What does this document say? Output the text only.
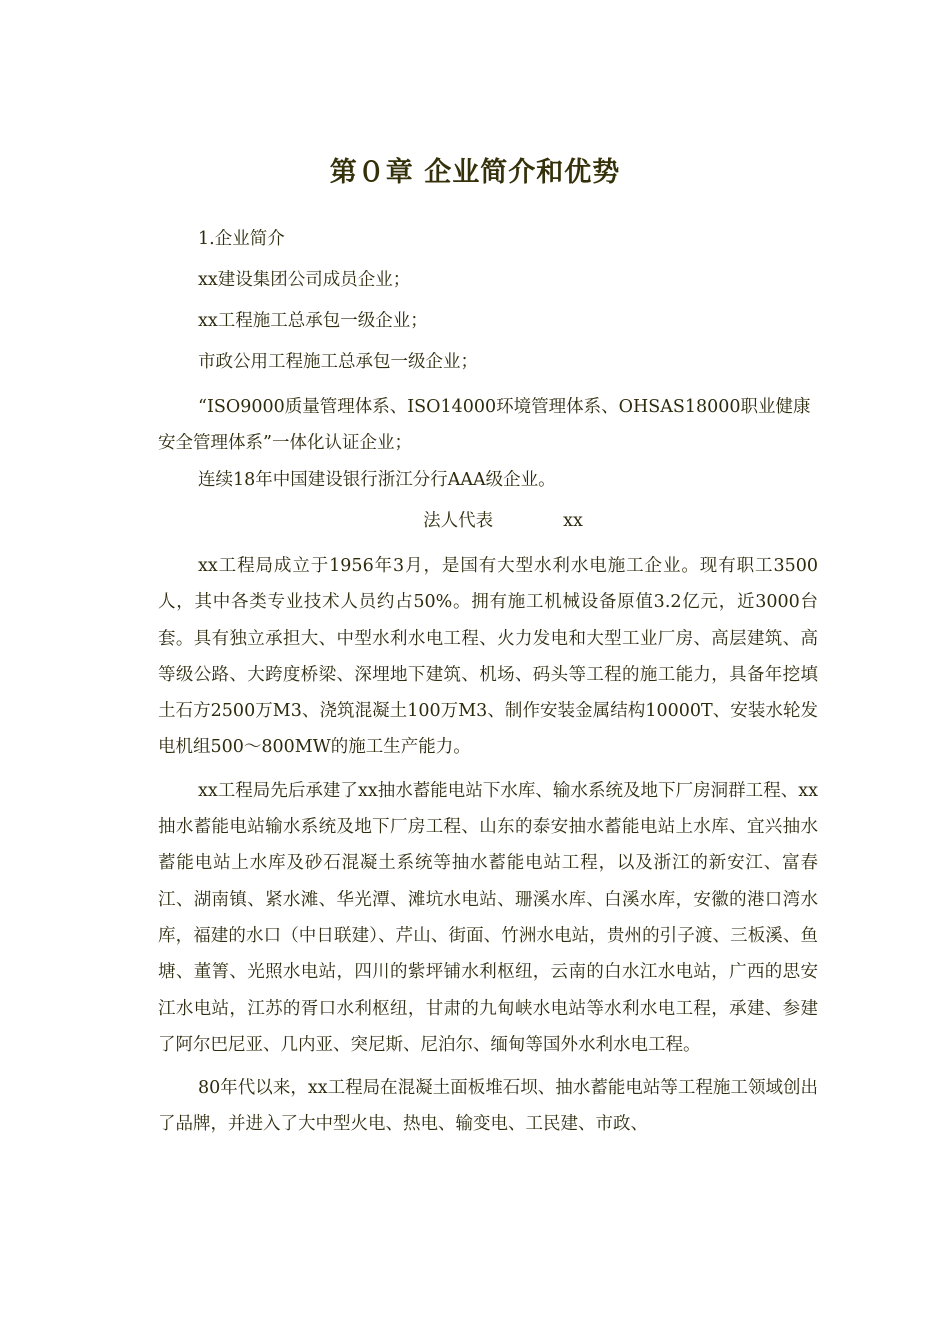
第０章 企业简介和优势

1.企业简介

xx建设集团公司成员企业；

xx工程施工总承包一级企业；

市政公用工程施工总承包一级企业；

“ISO9000质量管理体系、ISO14000环境管理体系、OHSAS18000职业健康安全管理体系”一体化认证企业；

连续18年中国建设银行浙江分行AAA级企业。

法人代表	xx

xx工程局成立于1956年3月，是国有大型水利水电施工企业。现有职工3500人，其中各类专业技术人员约占50%。拥有施工机械设备原值3.2亿元，近3000台套。具有独立承担大、中型水利水电工程、火力发电和大型工业厂房、高层建筑、高等级公路、大跨度桥梁、深埋地下建筑、机场、码头等工程的施工能力，具备年挖填土石方2500万M3、浇筑混凝土100万M3、制作安装金属结构10000T、安装水轮发电机组500～800MW的施工生产能力。

xx工程局先后承建了xx抽水蓄能电站下水库、输水系统及地下厂房洞群工程、xx抽水蓄能电站输水系统及地下厂房工程、山东的泰安抽水蓄能电站上水库、宜兴抽水蓄能电站上水库及砂石混凝土系统等抽水蓄能电站工程，以及浙江的新安江、富春江、湖南镇、紧水滩、华光潭、滩坑水电站、珊溪水库、白溪水库，安徽的港口湾水库，福建的水口（中日联建）、芹山、街面、竹洲水电站，贵州的引子渡、三板溪、鱼塘、董箐、光照水电站，四川的紫坪铺水利枢纽，云南的白水江水电站，广西的思安江水电站，江苏的胥口水利枢纽，甘肃的九甸峡水电站等水利水电工程，承建、参建了阿尔巴尼亚、几内亚、突尼斯、尼泊尔、缅甸等国外水利水电工程。

80年代以来，xx工程局在混凝土面板堆石坝、抽水蓄能电站等工程施工领域创出了品牌，并进入了大中型火电、热电、输变电、工民建、市政、
